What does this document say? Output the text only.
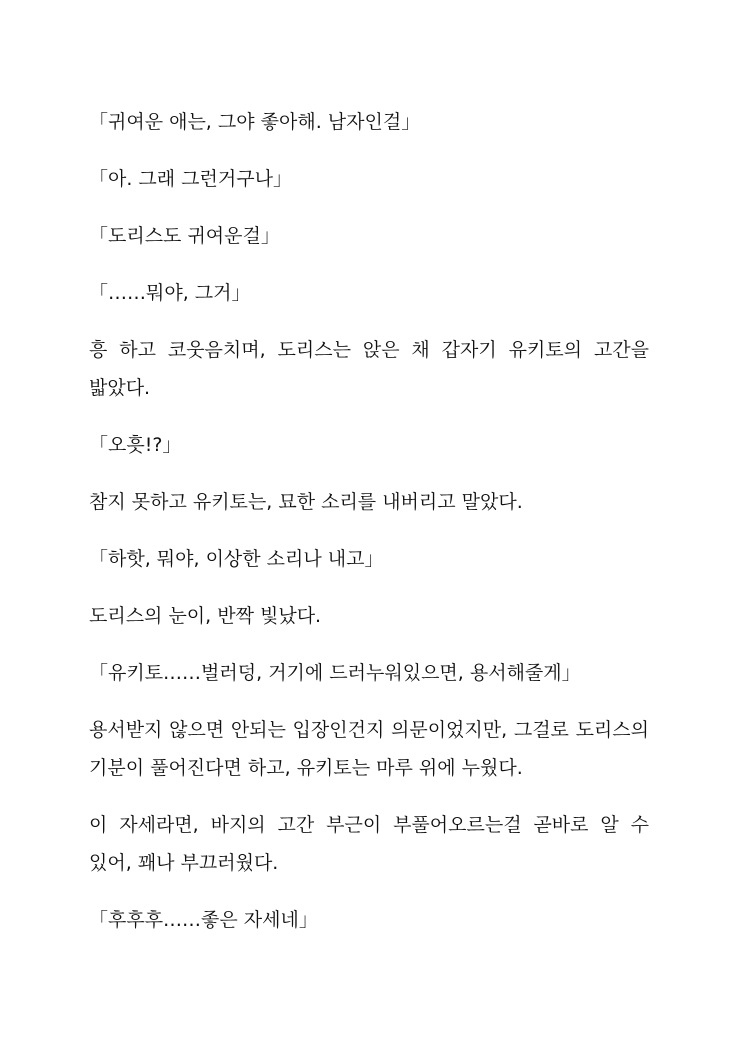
「귀여운 애는, 그야 좋아해. 남자인걸」

「아. 그래 그런거구나」

「도리스도 귀여운걸」

「……뭐야, 그거」

흥 하고 코웃음치며, 도리스는 앉은 채 갑자기 유키토의 고간을 밟았다.

「오흣!?」

참지 못하고 유키토는, 묘한 소리를 내버리고 말았다.

「하핫, 뭐야, 이상한 소리나 내고」

도리스의 눈이, 반짝 빛났다.

「유키토……벌러덩, 거기에 드러누워있으면, 용서해줄게」

용서받지 않으면 안되는 입장인건지 의문이었지만, 그걸로 도리스의 기분이 풀어진다면 하고, 유키토는 마루 위에 누웠다.

이 자세라면, 바지의 고간 부근이 부풀어오르는걸 곧바로 알 수 있어, 꽤나 부끄러웠다.

「후후후……좋은 자세네」
